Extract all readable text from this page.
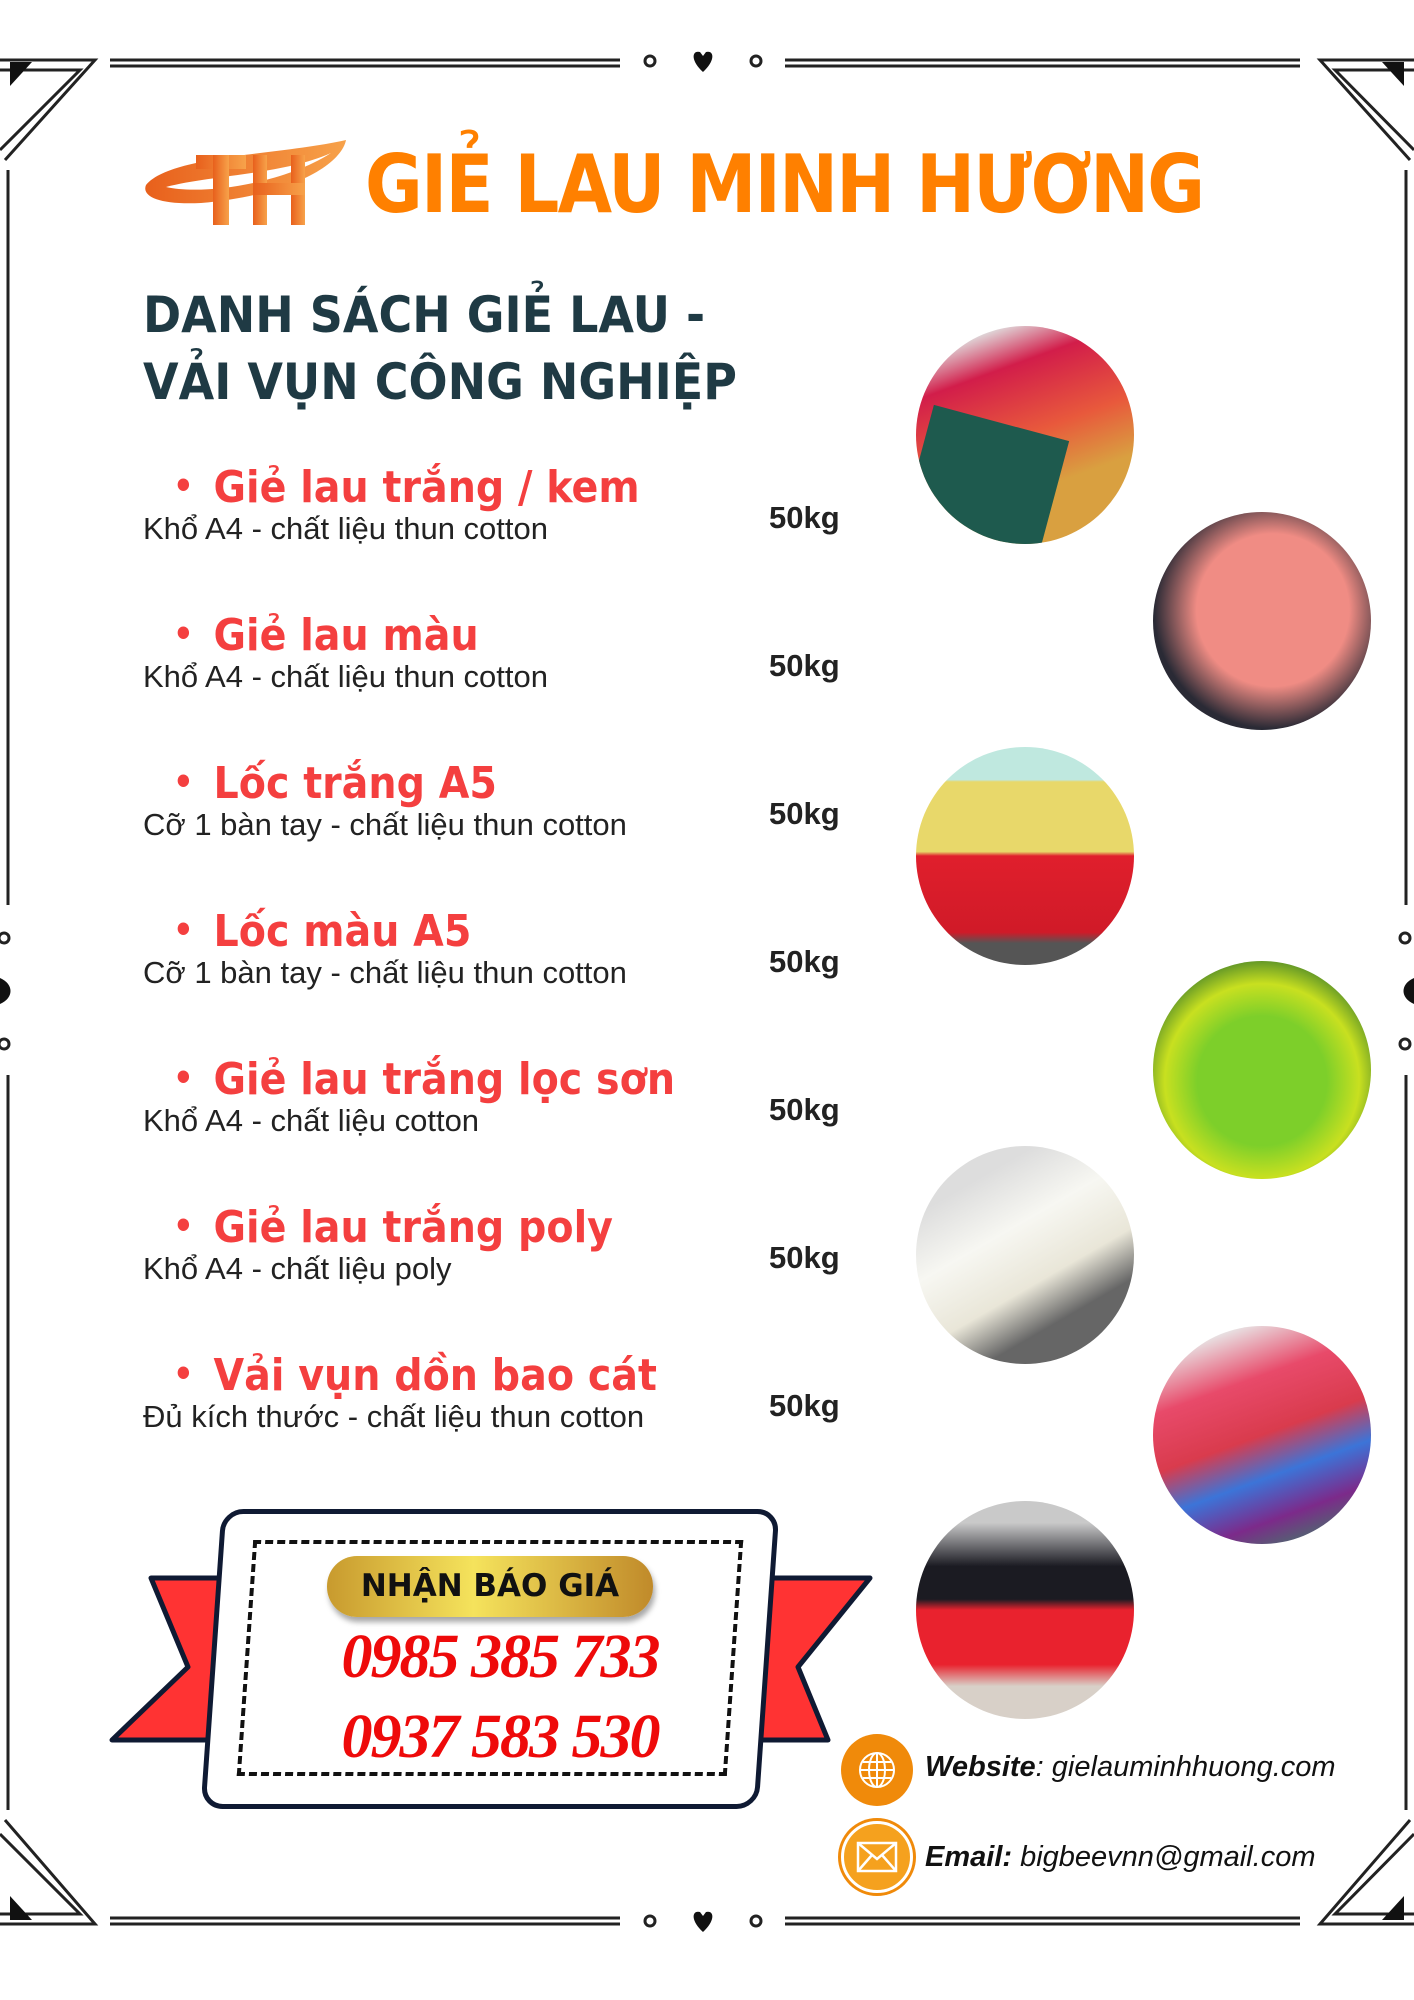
GIẺ LAU MINH HƯƠNG
DANH SÁCH GIẺ LAU -
VẢI VỤN CÔNG NGHIỆP
• Giẻ lau trắng / kem
Khổ A4 - chất liệu thun cotton	50kg
• Giẻ lau màu
Khổ A4 - chất liệu thun cotton	50kg
• Lốc trắng A5
Cỡ 1 bàn tay - chất liệu thun cotton	50kg
• Lốc màu A5
Cỡ 1 bàn tay - chất liệu thun cotton	50kg
• Giẻ lau trắng lọc sơn
Khổ A4 - chất liệu cotton	50kg
• Giẻ lau trắng poly
Khổ A4 - chất liệu poly	50kg
• Vải vụn dồn bao cát
Đủ kích thước - chất liệu thun cotton	50kg
NHẬN BÁO GIÁ
0985 385 733
0937 583 530	Website: gielauminhhuong.com
Email: bigbeevnn@gmail.com
